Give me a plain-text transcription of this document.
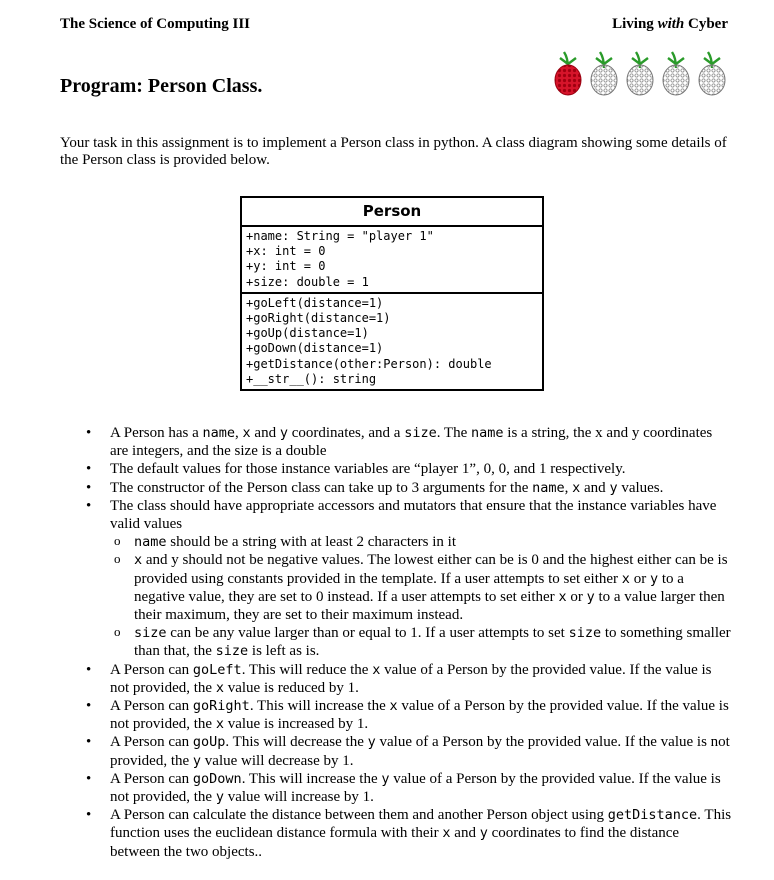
The Science of Computing III	Living with Cyber
Program: Person Class.
Your task in this assignment is to implement a Person class in python. A class diagram showing some details of the Person class is provided below.
Person
+name: String = "player 1"
+x: int = 0
+y: int = 0
+size: double = 1
+goLeft(distance=1)
+goRight(distance=1)
+goUp(distance=1)
+goDown(distance=1)
+getDistance(other:Person): double
+__str__(): string
• A Person has a name, x and y coordinates, and a size. The name is a string, the x and y coordinates are integers, and the size is a double
• The default values for those instance variables are “player 1”, 0, 0, and 1 respectively.
• The constructor of the Person class can take up to 3 arguments for the name, x and y values.
• The class should have appropriate accessors and mutators that ensure that the instance variables have valid values
o name should be a string with at least 2 characters in it
o x and y should not be negative values. The lowest either can be is 0 and the highest either can be is provided using constants provided in the template. If a user attempts to set either x or y to a negative value, they are set to 0 instead. If a user attempts to set either x or y to a value larger then their maximum, they are set to their maximum instead.
o size can be any value larger than or equal to 1. If a user attempts to set size to something smaller than that, the size is left as is.
• A Person can goLeft. This will reduce the x value of a Person by the provided value. If the value is not provided, the x value is reduced by 1.
• A Person can goRight. This will increase the x value of a Person by the provided value. If the value is not provided, the x value is increased by 1.
• A Person can goUp. This will decrease the y value of a Person by the provided value. If the value is not provided, the y value will decrease by 1.
• A Person can goDown. This will increase the y value of a Person by the provided value. If the value is not provided, the y value will increase by 1.
• A Person can calculate the distance between them and another Person object using getDistance. This function uses the euclidean distance formula with their x and y coordinates to find the distance between the two objects..
